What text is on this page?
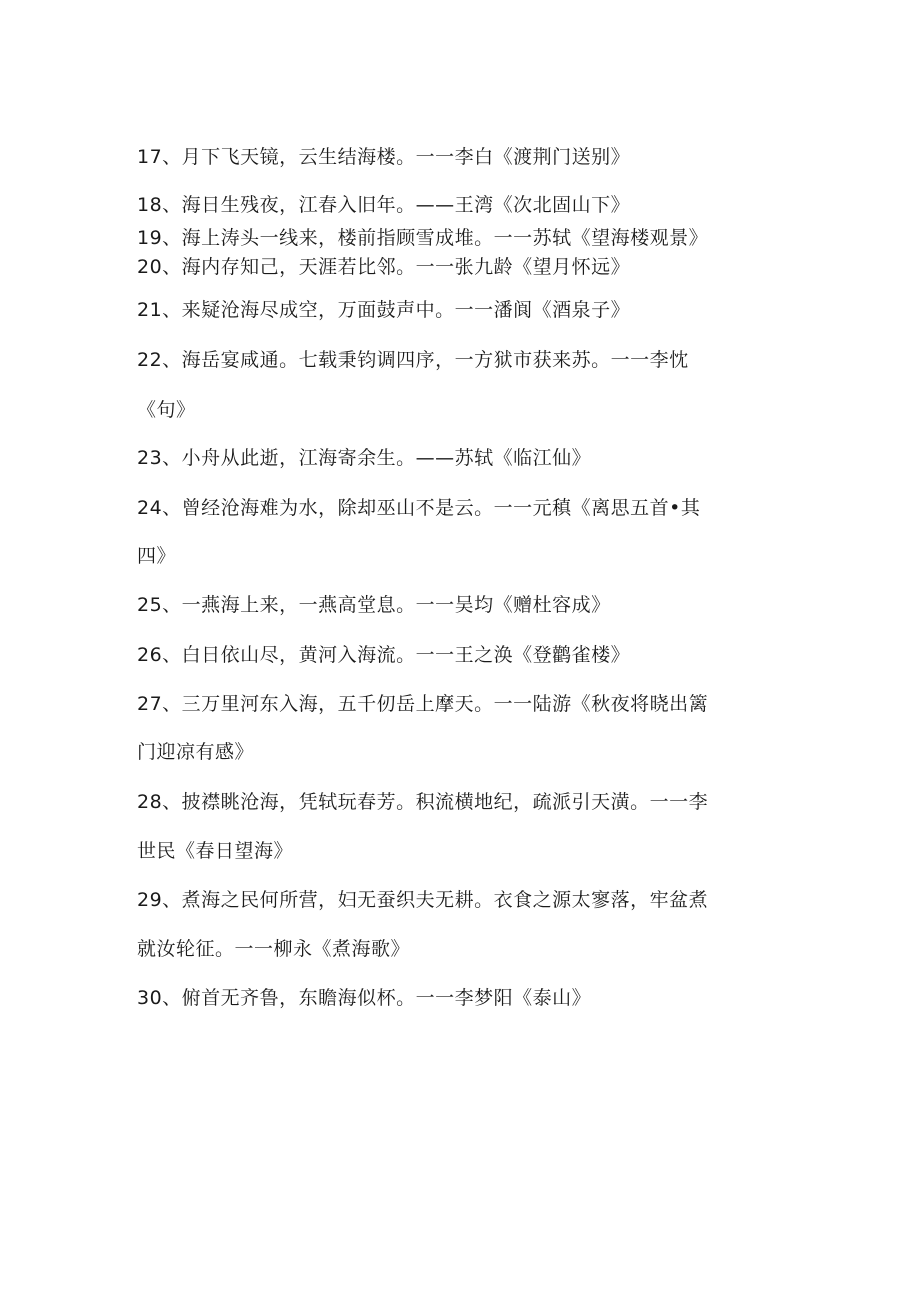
17、月下飞天镜，云生结海楼。一一李白《渡荆门送别》
18、海日生残夜，江春入旧年。——王湾《次北固山下》
19、海上涛头一线来，楼前指顾雪成堆。一一苏轼《望海楼观景》
20、海内存知己，天涯若比邻。一一张九龄《望月怀远》
21、来疑沧海尽成空，万面鼓声中。一一潘阆《酒泉子》
22、海岳宴咸通。七载秉钧调四序，一方狱市获来苏。一一李忱
《句》
23、小舟从此逝，江海寄余生。——苏轼《临江仙》
24、曾经沧海难为水，除却巫山不是云。一一元稹《离思五首•其
四》
25、一燕海上来，一燕高堂息。一一吴均《赠杜容成》
26、白日依山尽，黄河入海流。一一王之涣《登鹳雀楼》
27、三万里河东入海，五千仞岳上摩天。一一陆游《秋夜将晓出篱
门迎凉有感》
28、披襟眺沧海，凭轼玩春芳。积流横地纪，疏派引天潢。一一李
世民《春日望海》
29、煮海之民何所营，妇无蚕织夫无耕。衣食之源太寥落，牢盆煮
就汝轮征。一一柳永《煮海歌》
30、俯首无齐鲁，东瞻海似杯。一一李梦阳《泰山》
